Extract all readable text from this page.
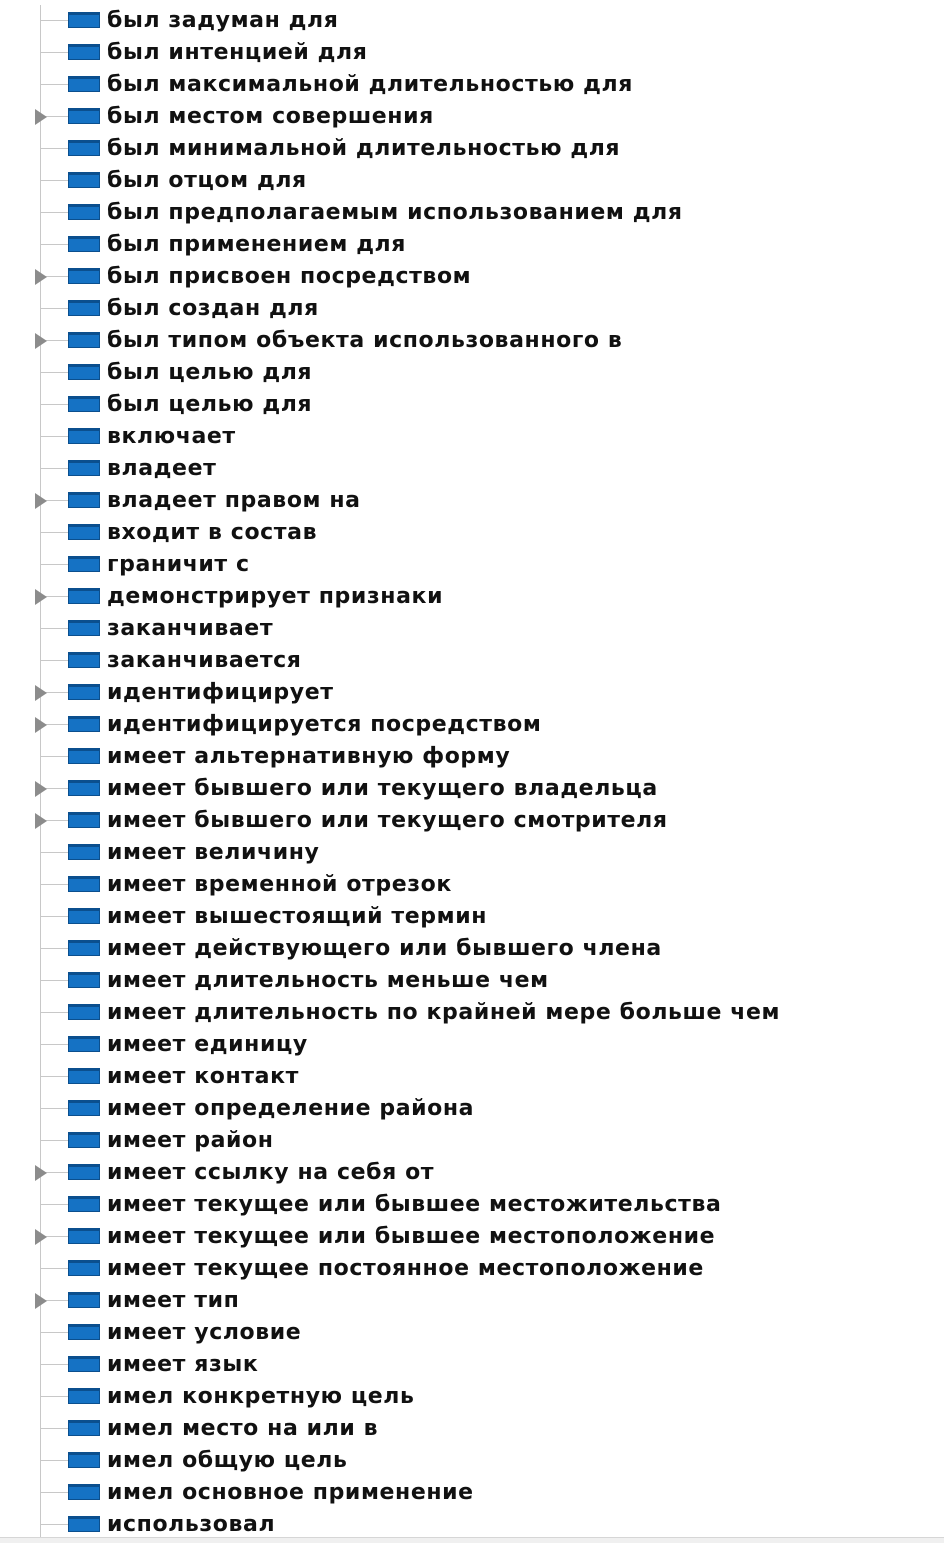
был задуман для
был интенцией для
был максимальной длительностью для
был местом совершения
был минимальной длительностью для
был отцом для
был предполагаемым использованием для
был применением для
был присвоен посредством
был создан для
был типом объекта использованного в
был целью для
был целью для
включает
владеет
владеет правом на
входит в состав
граничит с
демонстрирует признаки
заканчивает
заканчивается
идентифицирует
идентифицируется посредством
имеет альтернативную форму
имеет бывшего или текущего владельца
имеет бывшего или текущего смотрителя
имеет величину
имеет временной отрезок
имеет вышестоящий термин
имеет действующего или бывшего члена
имеет длительность меньше чем
имеет длительность по крайней мере больше чем
имеет единицу
имеет контакт
имеет определение района
имеет район
имеет ссылку на себя от
имеет текущее или бывшее местожительства
имеет текущее или бывшее местоположение
имеет текущее постоянное местоположение
имеет тип
имеет условие
имеет язык
имел конкретную цель
имел место на или в
имел общую цель
имел основное применение
использовал
